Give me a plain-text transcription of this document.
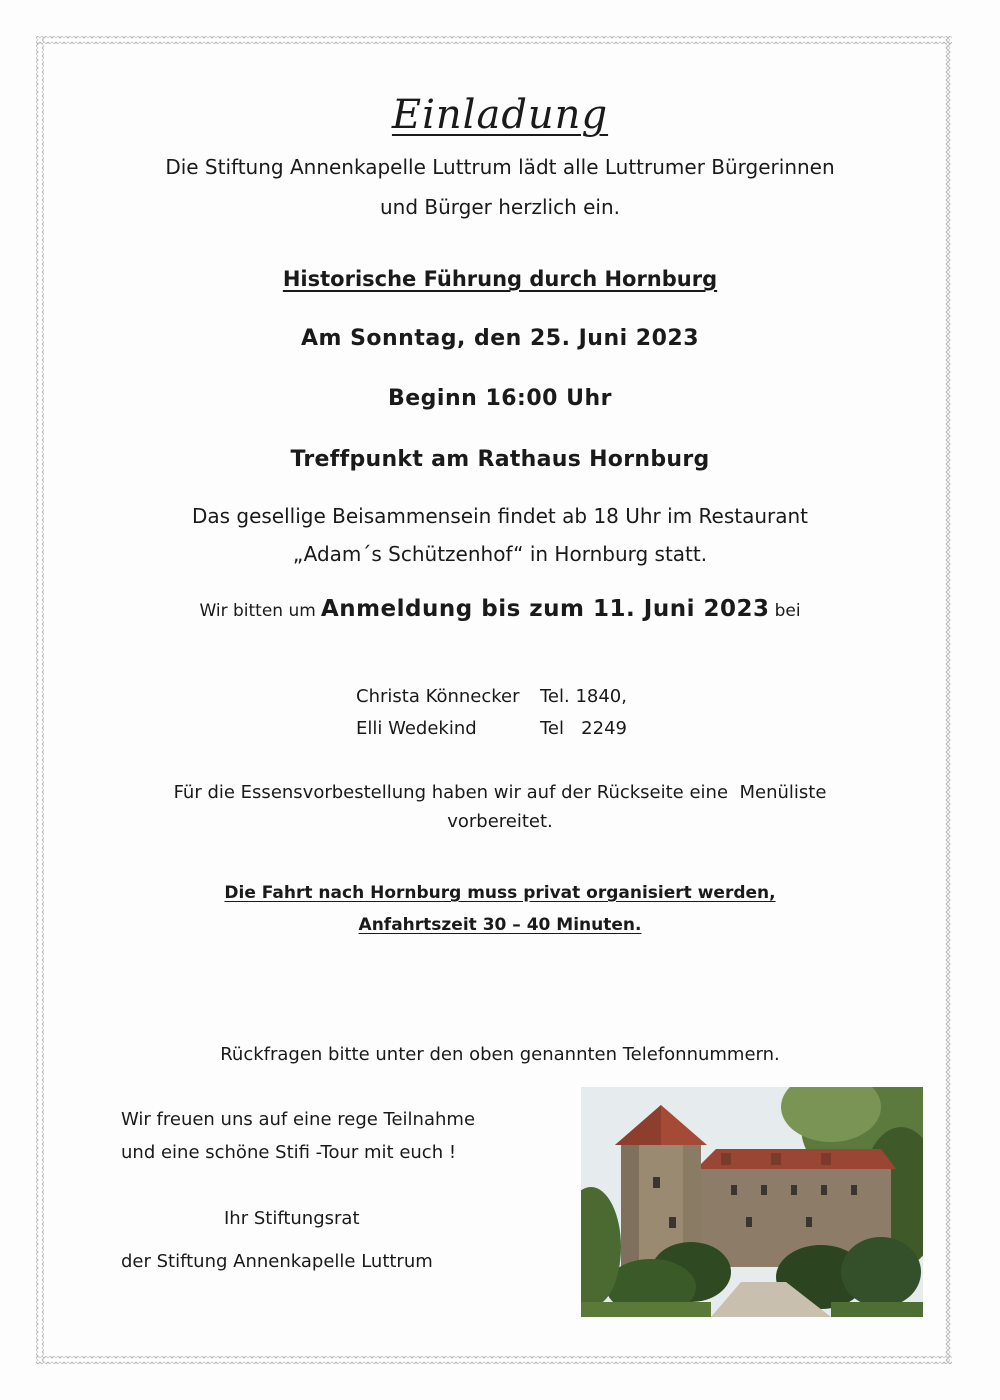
Einladung
Die Stiftung Annenkapelle Luttrum lädt alle Luttrumer Bürgerinnen
und Bürger herzlich ein.
Historische Führung durch Hornburg
Am Sonntag, den 25. Juni 2023
Beginn 16:00 Uhr
Treffpunkt am Rathaus Hornburg
Das gesellige Beisammensein findet ab 18 Uhr im Restaurant
„Adam´s Schützenhof“ in Hornburg statt.
Wir bitten um Anmeldung bis zum 11. Juni 2023 bei
Christa Könnecker Tel. 1840,
Elli Wedekind	Tel   2249
Für die Essensvorbestellung haben wir auf der Rückseite eine  Menüliste
vorbereitet.
Die Fahrt nach Hornburg muss privat organisiert werden,
Anfahrtszeit 30 – 40 Minuten.
Rückfragen bitte unter den oben genannten Telefonnummern.
Wir freuen uns auf eine rege Teilnahme
und eine schöne Stifi -Tour mit euch !
Ihr Stiftungsrat
der Stiftung Annenkapelle Luttrum
